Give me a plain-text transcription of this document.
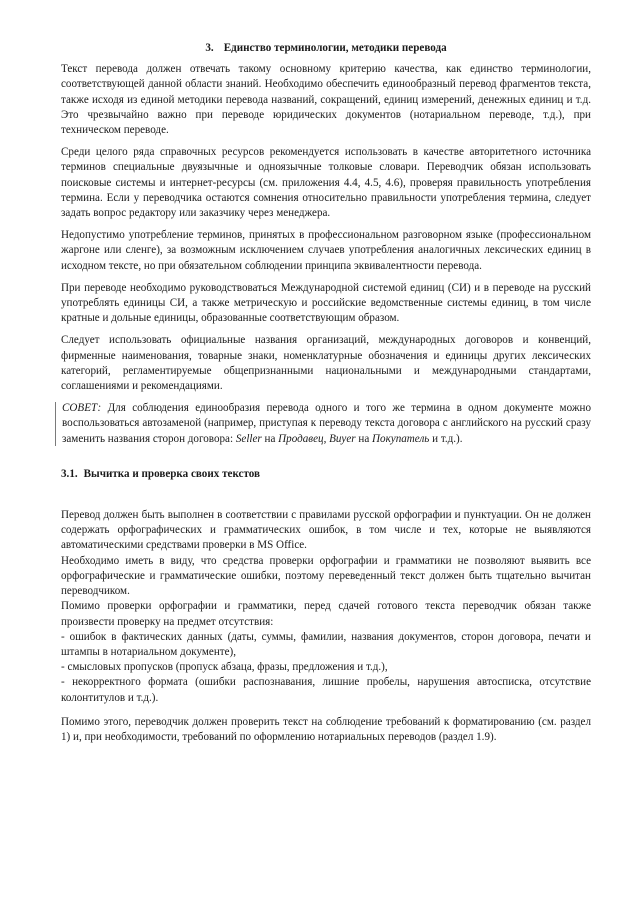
3. Единство терминологии, методики перевода

Текст перевода должен отвечать такому основному критерию качества, как единство терминологии, соответствующей данной области знаний. Необходимо обеспечить единообразный перевод фрагментов текста, также исходя из единой методики перевода названий, сокращений, единиц измерений, денежных единиц и т.д. Это чрезвычайно важно при переводе юридических документов (нотариальном переводе, т.д.), при техническом переводе.

Среди целого ряда справочных ресурсов рекомендуется использовать в качестве авторитетного источника терминов специальные двуязычные и одноязычные толковые словари. Переводчик обязан использовать поисковые системы и интернет-ресурсы (см. приложения 4.4, 4.5, 4.6), проверяя правильность употребления термина. Если у переводчика остаются сомнения относительно правильности употребления термина, следует задать вопрос редактору или заказчику через менеджера.

Недопустимо употребление терминов, принятых в профессиональном разговорном языке (профессиональном жаргоне или сленге), за возможным исключением случаев употребления аналогичных лексических единиц в исходном тексте, но при обязательном соблюдении принципа эквивалентности перевода.

При переводе необходимо руководствоваться Международной системой единиц (СИ) и в переводе на русский употреблять единицы СИ, а также метрическую и российские ведомственные системы единиц, в том числе кратные и дольные единицы, образованные соответствующим образом.

Следует использовать официальные названия организаций, международных договоров и конвенций, фирменные наименования, товарные знаки, номенклатурные обозначения и единицы других лексических категорий, регламентируемые общепризнанными национальными и международными стандартами, соглашениями и рекомендациями.

СОВЕТ: Для соблюдения единообразия перевода одного и того же термина в одном документе можно воспользоваться автозаменой (например, приступая к переводу текста договора с английского на русский сразу заменить названия сторон договора: Seller на Продавец, Buyer на Покупатель и т.д.).

3.1. Вычитка и проверка своих текстов

Перевод должен быть выполнен в соответствии с правилами русской орфографии и пунктуации. Он не должен содержать орфографических и грамматических ошибок, в том числе и тех, которые не выявляются автоматическими средствами проверки в MS Office.

Необходимо иметь в виду, что средства проверки орфографии и грамматики не позволяют выявить все орфографические и грамматические ошибки, поэтому переведенный текст должен быть тщательно вычитан переводчиком.

Помимо проверки орфографии и грамматики, перед сдачей готового текста переводчик обязан также произвести проверку на предмет отсутствия:

- ошибок в фактических данных (даты, суммы, фамилии, названия документов, сторон договора, печати и штампы в нотариальном документе),

- смысловых пропусков (пропуск абзаца, фразы, предложения и т.д.),

- некорректного формата (ошибки распознавания, лишние пробелы, нарушения автосписка, отсутствие колонтитулов и т.д.).

Помимо этого, переводчик должен проверить текст на соблюдение требований к форматированию (см. раздел 1) и, при необходимости, требований по оформлению нотариальных переводов (раздел 1.9).
